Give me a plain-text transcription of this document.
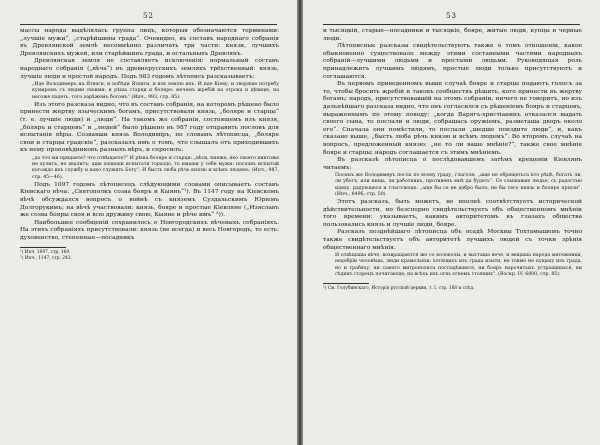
52

массы народа выдѣлялась группа лицъ, которыя обозначаются терминами: „лучшіе мужи“, „старѣйшины града“. Очевидно, въ составъ народнаго собранія въ Древлянской землѣ несомнѣнно различать три части: князи, лучшихъ Древлянскихъ мужей, или старѣйшинъ града, и остальныхъ Древлянъ.

Древлянская земля не составляетъ исключенія: нормальный составъ народнаго собранія („вѣча“) въ древнерусскихъ земляхъ трёхственный: князь, лучшіе люди и простой народъ. Подъ 983 годомъ лѣтопись разсказываетъ:

„Иде Володимеръ на Ятвяги, и побѣди Ятвяги, и взя землю ихъ. И иде Кіеву, и творяше потребу кумиромъ съ людми своими; и рѣша старци и боляре: мечемъ жребій на отрока и дѣвицю, на негоже падеть, того зарѣжемъ богомъ“ (Ипч., 983, стр. 85).

Изъ этого разсказа видно, что въ составъ собранія, на которомъ рѣшено было принести жертву языческимъ богамъ, присутствовали князь, „боляре и старцы“ (т. е. лучшіе люди) и „люди“. На такомъ же собраніи, состоящемъ изъ князя, „боляръ и старцевъ“ и „людей“ было рѣшено въ 987 году отправить пословъ для испытанія вѣры. Созвавши князь Володиміръ, по словамъ лѣтописца, „боляре свои и старцы градскіе“, разсказалъ имъ о томъ, что слышалъ отъ приходившихъ къ нему проповѣдниковъ разныхъ вѣръ, и спросилъ:

„да что ми придаете? что отвѣщаете?“ И рѣша боляре и старци: „вѣси, княже, яко своего никтоже не хулитъ, но хвалитъ; аще хощеши испытати гораздо, то имаши у себе мужи: пославъ испытай когождо ихъ службу и како служить Богу“. И бысть люба рѣчь князю и всѣмъ людемъ. (Ипч., 987, стр. 45—46).

Подъ 1097 годомъ лѣтописецъ слѣдующими словами описываетъ составъ Кіевскаго вѣча: „Святополкъ созва бояръ и Кыянъ“¹). Въ 1147 году на Кіевскомъ вѣчѣ обсуждался вопросъ о войнѣ съ княземъ Суздальскимъ Юріемъ Долгорукимъ; на вѣчѣ участвовали: князь, бояре и простые Кіевляне („Изяславъ же созва бояры своя и всю дружину свою, Кыяне и рѣче имъ“ ²)).

Наибольшее сообщеній сохранилось о Новгородскихъ вѣчевыхъ собраніяхъ. На этихъ собраніяхъ присутствовали: князь (не всегда) и весь Новгородъ, то есть: духовенство, степенные—посадникъ

¹) Ипч. 1097, стр. 169.

²) Ипч., 1147, стр. 243.

53

и тысяцкій, старые—посадники и тысяцкіе, бояре, житые люди, купцы и черные люди.

Лѣтописные разсказы свидѣтельствуютъ также о томъ отношеніи, какое обыкновенно существовало между этими составными частями народныхъ собраній—лучшими людьми и простыми людьми. Руководящая роль принадлежитъ лучшимъ людямъ, простые люди только присутствуютъ и соглашаются.

Въ первомъ приведенномъ выше случаѣ бояре и старцы подаютъ голосъ за то, чтобы бросить жребій и таковъ сообществъ рѣшить, кого принести въ жертву богамъ; народъ, присутствовавшій на этомъ собраніи, ничего не говоритъ, но изъ дальнѣйшаго разсказа видно, что онъ согласился съ рѣшеніемъ бояръ и старцевъ, выраженнымъ по этому поводу: „когда Варягъ-христіанинъ отказался выдать своего сына, то послали и люди, собрашась оружіемъ, разметаша дворъ около его“. Сначала они помѣстили, то послали „шедше поиздите люди“, и, какъ сказано выше, „бысть люба рѣчь князю и всѣмъ людемъ“. Во второмъ случаѣ на вопросъ, предложенный князю: „не то ли ваше мнѣніе?“, также свое мнѣніе бояре и старцы; народъ соглашается съ этимъ мнѣніемъ.

Въ разсказѣ лѣтописца о послѣдовавшемъ затѣмъ крещеніи Кіевлянъ читаемъ:

Посемъ же Володимеръ посла по всему граду, глаголя: „аще не обрящетьса кто рѣцѣ, богатъ ли, ли убогъ, или нищь, ли работникъ, противенъ мнѣ да будеть“. Се слышавше людье, съ радостью идяху, радующеся и глаголюще: „аще бы се не добро было, не бы сего князь и боляре пріяли“. (Ипч., 6496, стр. 50).

Этотъ разсказъ, быть можетъ, не вполнѣ соотвѣтствуетъ исторической дѣйствительности, но безспорно свидѣтельствуетъ объ общественномъ мнѣніи того времени: указываетъ, какимъ авторитетомъ въ глазахъ общества пользовались князь и лучшіе люди, бояре.

Разсказъ позднѣйшаго лѣтописца объ осадѣ Москвы Тохтамышемъ точно также свидѣтельствуетъ объ авторитетѣ лучшихъ людей съ точки зрѣнія общественнаго мнѣнія.

И отвѣщаша вѣче, возвращаются же со колоколы, и высташа вече, и вещаша народа мятежники, недобріи человѣцы, люди крамольніи: хотящихъ изъ града изыти, не токмо не пущаху изъ града, но и грабяху, ни самого митрополита постыдѣвшеся, ни бояръ нарочитыхъ устрашишася, ни сѣдинъ старецъ почитающе, на всѣхъ ихъ огнь огнемъ стоящих“. (Воскр. IV, 6890, стр. 85).

¹) См. Голубинскаго, Исторія русской церкви, т. I, стр. 168 и слѣд.
